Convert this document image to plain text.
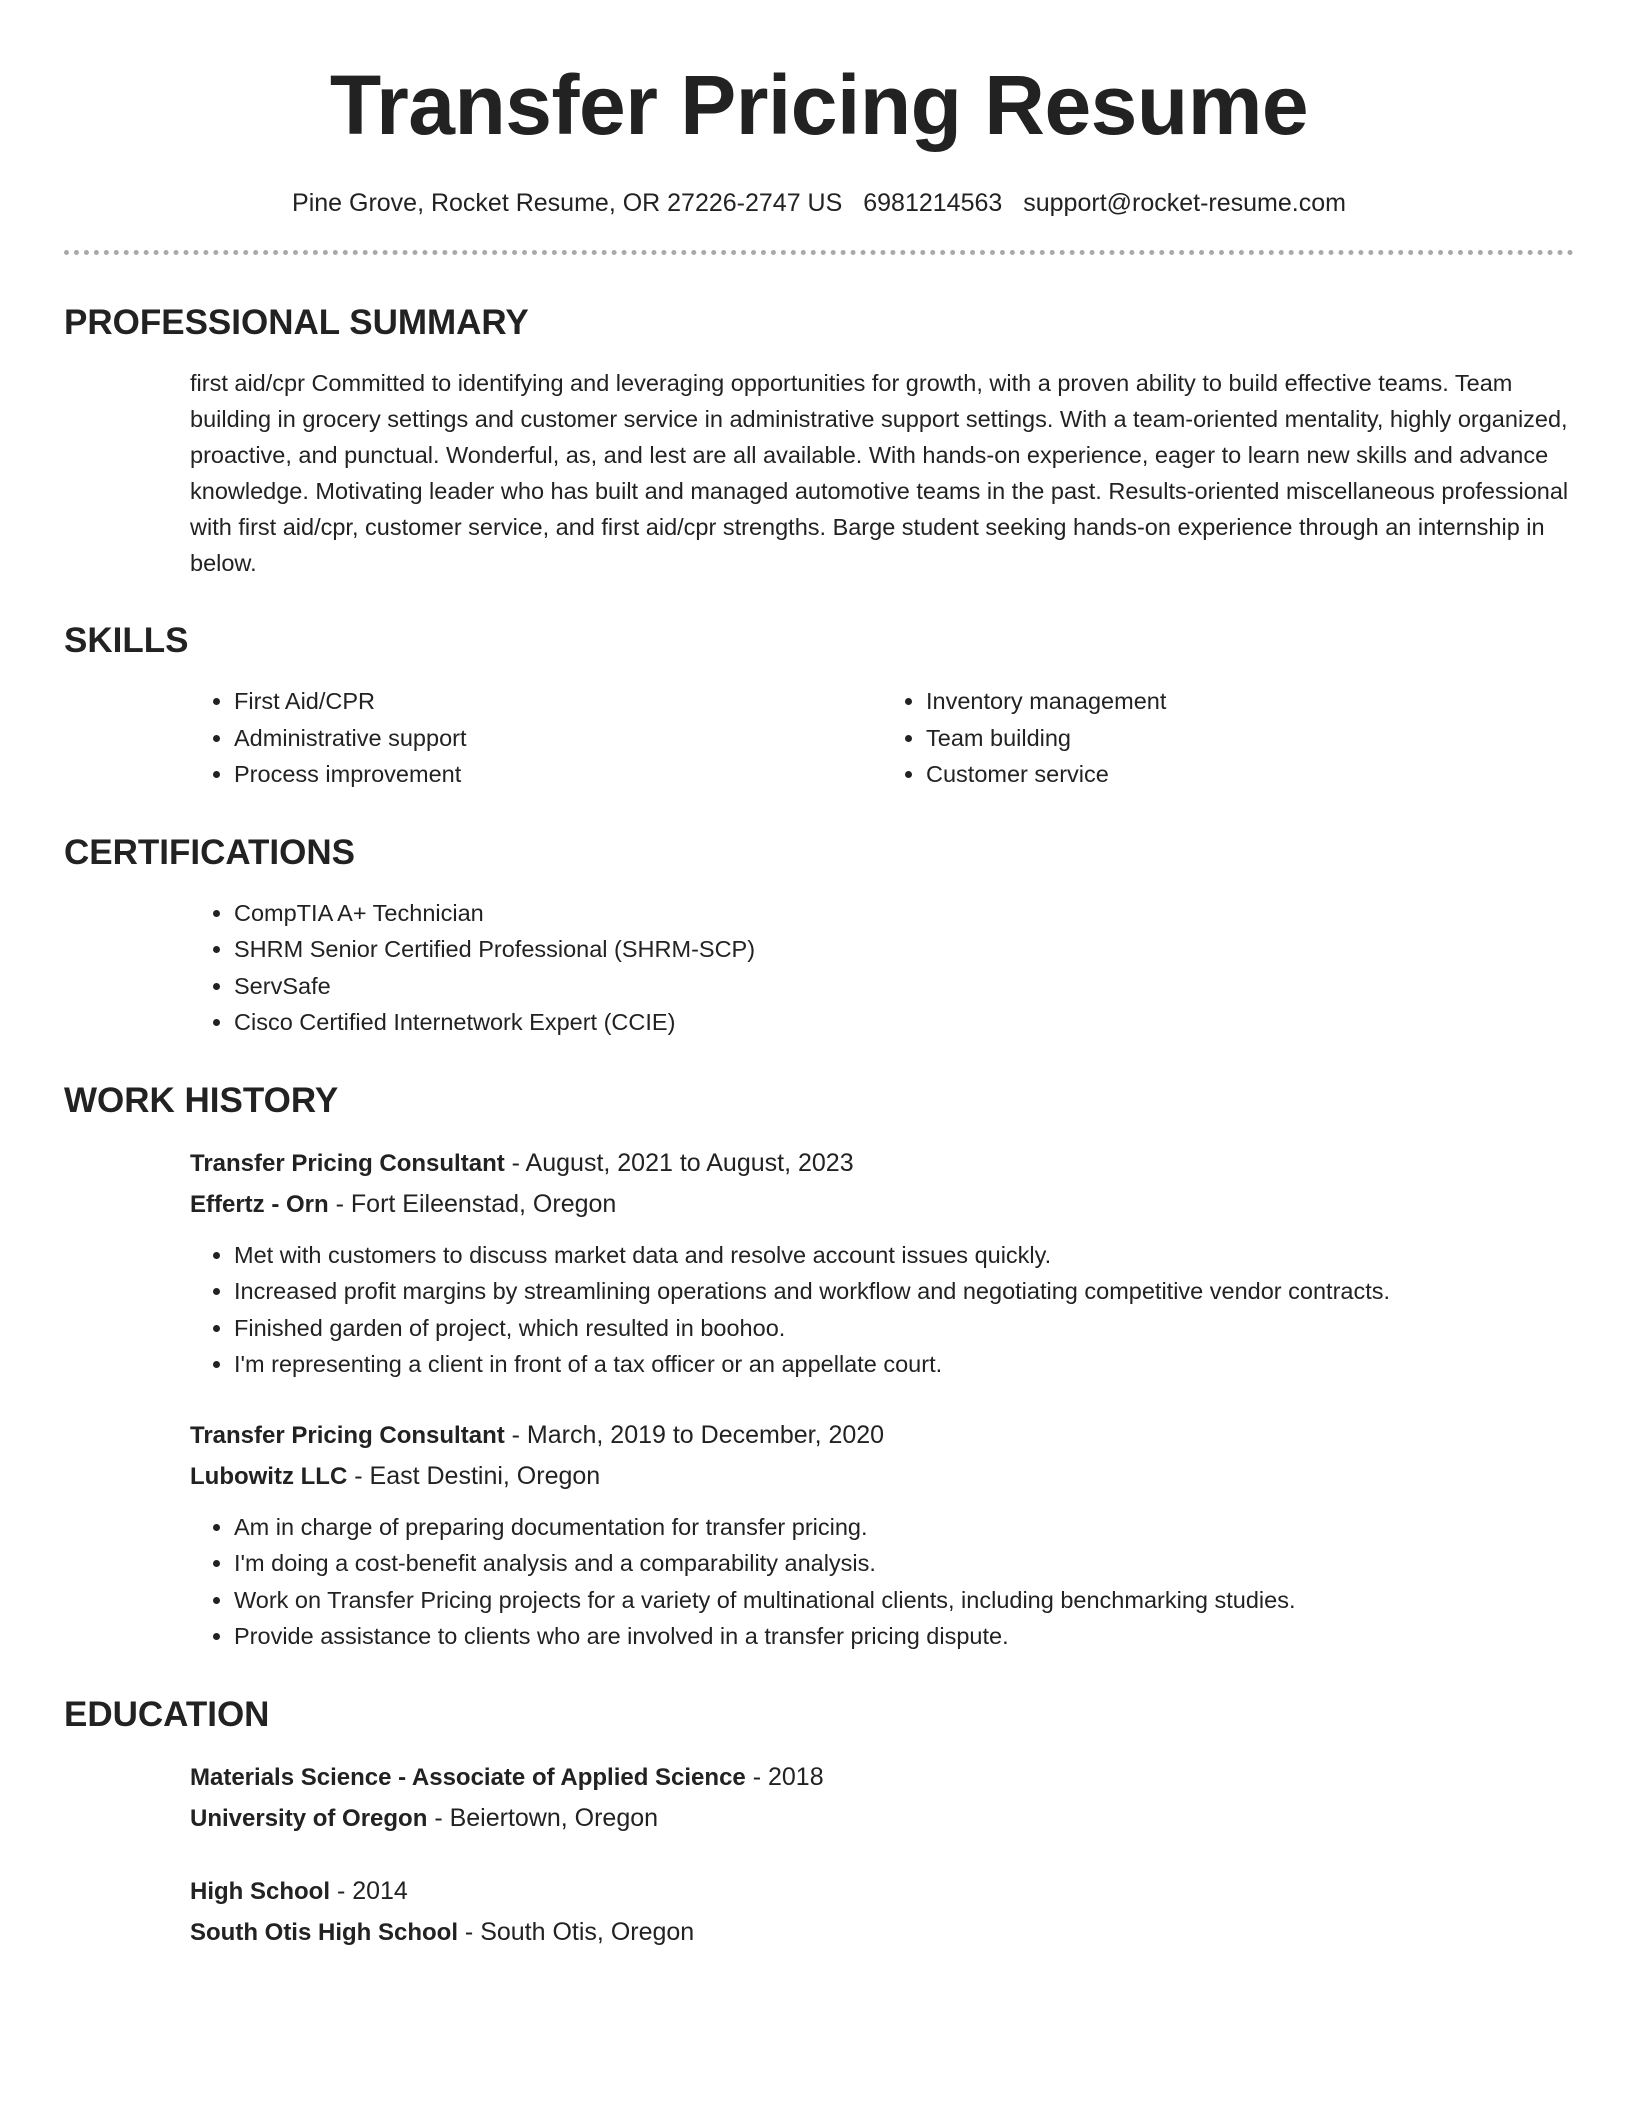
Transfer Pricing Resume
Pine Grove, Rocket Resume, OR 27226-2747 US 6981214563 support@rocket-resume.com
PROFESSIONAL SUMMARY

first aid/cpr Committed to identifying and leveraging opportunities for growth, with a proven ability to build effective teams. Team building in grocery settings and customer service in administrative support settings. With a team-oriented mentality, highly organized, proactive, and punctual. Wonderful, as, and lest are all available. With hands-on experience, eager to learn new skills and advance knowledge. Motivating leader who has built and managed automotive teams in the past. Results-oriented miscellaneous professional with first aid/cpr, customer service, and first aid/cpr strengths. Barge student seeking hands-on experience through an internship in below.

SKILLS
• First Aid/CPR
• Administrative support
• Process improvement
• Inventory management
• Team building
• Customer service
CERTIFICATIONS
• CompTIA A+ Technician
• SHRM Senior Certified Professional (SHRM-SCP)
• ServSafe
• Cisco Certified Internetwork Expert (CCIE)
WORK HISTORY
Transfer Pricing Consultant - August, 2021 to August, 2023
Effertz - Orn - Fort Eileenstad, Oregon
• Met with customers to discuss market data and resolve account issues quickly.
• Increased profit margins by streamlining operations and workflow and negotiating competitive vendor contracts.
• Finished garden of project, which resulted in boohoo.
• I'm representing a client in front of a tax officer or an appellate court.
Transfer Pricing Consultant - March, 2019 to December, 2020
Lubowitz LLC - East Destini, Oregon
• Am in charge of preparing documentation for transfer pricing.
• I'm doing a cost-benefit analysis and a comparability analysis.
• Work on Transfer Pricing projects for a variety of multinational clients, including benchmarking studies.
• Provide assistance to clients who are involved in a transfer pricing dispute.
EDUCATION
Materials Science - Associate of Applied Science - 2018
University of Oregon - Beiertown, Oregon
High School - 2014
South Otis High School - South Otis, Oregon
